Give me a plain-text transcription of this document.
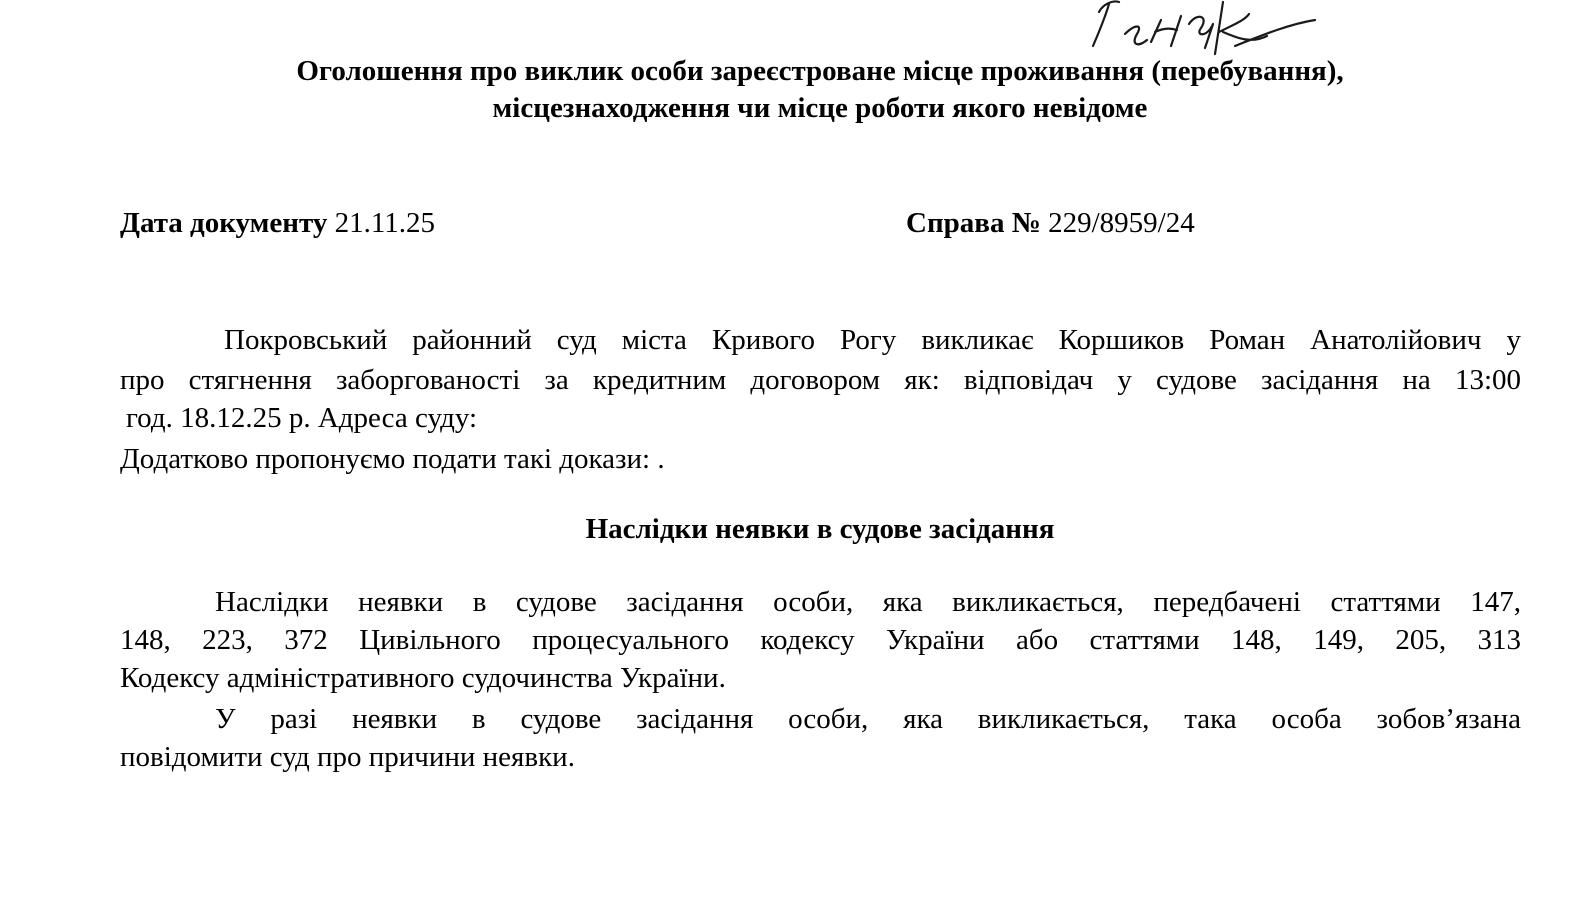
Оголошення про виклик особи зареєстроване місце проживання (перебування),
місцезнаходження чи місце роботи якого невідоме
Дата документу 21.11.25	Справа № 229/8959/24
Покровський районний суд міста Кривого Рогу викликає Коршиков Роман Анатолійович у
про стягнення заборгованості за кредитним договором як: відповідач у судове засідання на 13:00
год. 18.12.25 р. Адреса суду:
Додатково пропонуємо подати такі докази: .
Наслідки неявки в судове засідання
Наслідки неявки в судове засідання особи, яка викликається, передбачені статтями 147,
148, 223, 372 Цивільного процесуального кодексу України або статтями 148, 149, 205, 313
Кодексу адміністративного судочинства України.
У разі неявки в судове засідання особи, яка викликається, така особа зобов’язана
повідомити суд про причини неявки.
